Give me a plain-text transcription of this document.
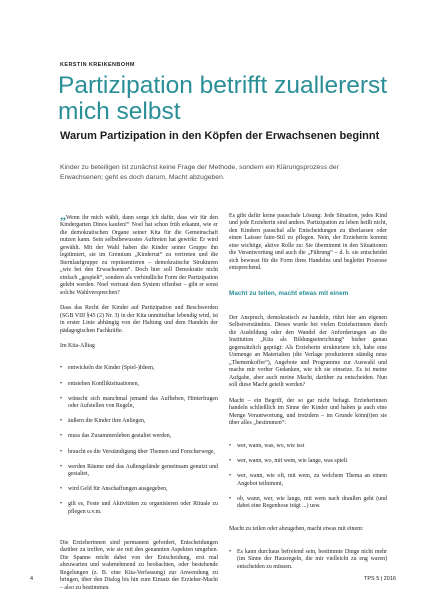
KERSTIN KREIKENBOHM
Partizipation betrifft zuallererst mich selbst
Warum Partizipation in den Köpfen der Erwachsenen beginnt
Kinder zu beteiligen ist zunächst keine Frage der Methode, sondern ein Klärungsprozess der Erwachsenen; geht es doch darum, Macht abzugeben.

„Wenn ihr mich wählt, dann sorge ich dafür, dass wir für den Kindergarten Dinos kaufen!“ Noel hat schon früh erkannt, wie er die demokratischen Organe seiner Kita für die Gemeinschaft nutzen kann. Sein selbstbewusstes Auftreten hat gewirkt: Er wird gewählt. Mit der Wahl haben die Kinder seiner Gruppe ihn legitimiert, sie im Gremium „Kinderrat“ zu vertreten und die Sternlaufgruppe zu repräsentieren – demokratische Strukturen „wie bei den Erwachsenen“. Doch hier soll Demokratie nicht einfach „gespielt“, sondern als verbindliche Form der Partizipation gelebt werden. Noel vertraut dem System offenbar – gibt er sonst solche Wahlversprechen?

Dass das Recht der Kinder auf Partizipation und Beschwerden (SGB VIII §45 (2) Nr. 3) in der Kita unmittelbar lebendig wird, ist in erster Linie abhängig von der Haltung und dem Handeln der pädagogischen Fachkräfte.

Im Kita-Alltag

• entwickeln die Kinder (Spiel-)Ideen,

• entstehen Konfliktsituationen,

• wünscht sich manchmal jemand das Aufheben, Hinterfragen oder Aufstellen von Regeln,

• äußern die Kinder ihre Anliegen,

• muss das Zusammenleben gestaltet werden,

• braucht es die Verständigung über Themen und Forscherwege,

• werden Räume und das Außengelände gemeinsam genutzt und gestaltet,

• wird Geld für Anschaffungen ausgegeben,

• gilt es, Feste und Aktivitäten zu organisieren oder Rituale zu pflegen u.v.m.

Die Erzieherinnen sind permanent gefordert, Entscheidungen darüber zu treffen, wie sie mit den genannten Aspekten umgehen. Die Spanne reicht dabei von der Entscheidung, erst mal abzuwarten und wahrnehmend zu beobachten, oder bestehende Regelungen (z. B. eine Kita-Verfassung) zur Anwendung zu bringen, über den Dialog bis hin zum Einsatz der Erzieher-Macht – also zu bestimmen.

Es gibt dafür keine pauschale Lösung: Jede Situation, jedes Kind und jede Erzieherin sind anders. Partizipation zu leben heißt nicht, den Kindern pauschal alle Entscheidungen zu überlassen oder einen Laisser faire-Stil zu pflegen. Nein, der Erzieherin kommt eine wichtige, aktive Rolle zu: Sie übernimmt in den Situationen die Verantwortung und auch die „Führung“ – d. h. sie entscheidet sich bewusst für die Form ihres Handelns und begleitet Prozesse entsprechend.

Macht zu teilen, macht etwas mit einem

Der Anspruch, demokratisch zu handeln, rührt hier am eigenen Selbstverständnis. Dieses wurde bei vielen Erzieherinnen durch die Ausbildung oder den Wandel der Anforderungen an die Institution „Kita als Bildungseinrichtung“ bisher genau gegensätzlich geprägt: Als Erzieherin strukturiere ich, habe eine Unmenge an Materialien (die Verlage produzieren ständig neue „Themenkoffer“), Angebote und Programme zur Auswahl und mache mir vorher Gedanken, wie ich sie einsetze. Es ist meine Aufgabe, aber auch meine Macht, darüber zu entscheiden. Nun soll diese Macht geteilt werden?

Macht – ein Begriff, der so gar nicht behagt. Erzieherinnen handeln schließlich im Sinne der Kinder und haben ja auch eine Menge Verantwortung, und trotzdem – im Grunde könn(t)en sie über alles „bestimmen“:

• wer, wann, was, wo, wie isst

• wer, wann, wo, mit wem, wie lange, was spielt

• wer, wann, wie oft, mit wem, zu welchem Thema an einem Angebot teilnimmt,

• ob, wann, wer, wie lange, mit wem nach draußen geht (und dabei eine Regenhose trägt ...) usw.

Macht zu teilen oder abzugeben, macht etwas mit einem:

• Es kann durchaus befreiend sein, bestimmte Dinge nicht mehr (im Sinne der Hausregeln, die mir vielleicht zu eng waren) entscheiden zu müssen.

4	TPS 5 | 2016
